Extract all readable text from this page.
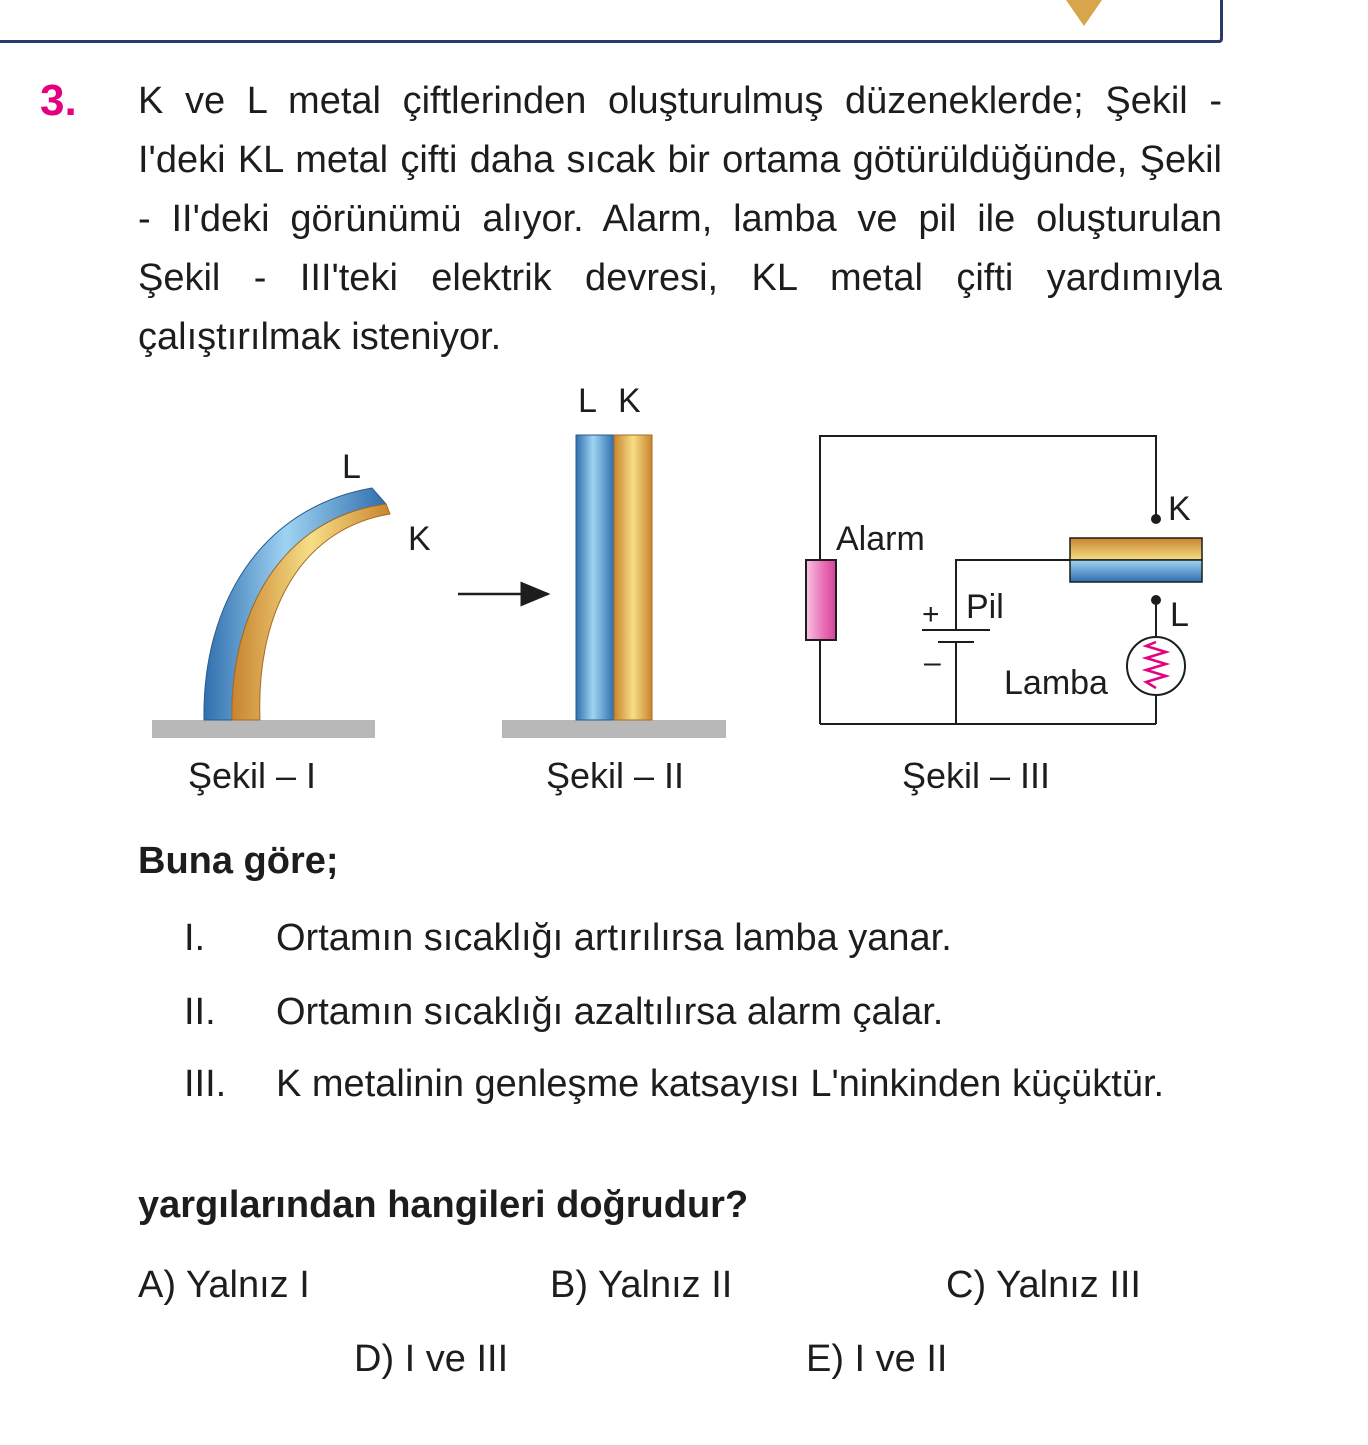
3. K ve L metal çiftlerinden oluşturulmuş düzeneklerde; Şekil - I'deki KL metal çifti daha sıcak bir ortama götürüldüğünde, Şekil - II'deki görünümü alıyor. Alarm, lamba ve pil ile oluşturulan Şekil - III'teki elektrik devresi, KL metal çifti yardımıyla çalıştırılmak isteniyor.

L
K
Şekil – I
L K
Şekil – II
Alarm
Pil
+
–
Lamba
K
L
Şekil – III

Buna göre;

I. Ortamın sıcaklığı artırılırsa lamba yanar.
II. Ortamın sıcaklığı azaltılırsa alarm çalar.
III. K metalinin genleşme katsayısı L'ninkinden küçüktür.

yargılarından hangileri doğrudur?

A) Yalnız I	B) Yalnız II	C) Yalnız III
D) I ve III	E) I ve II
